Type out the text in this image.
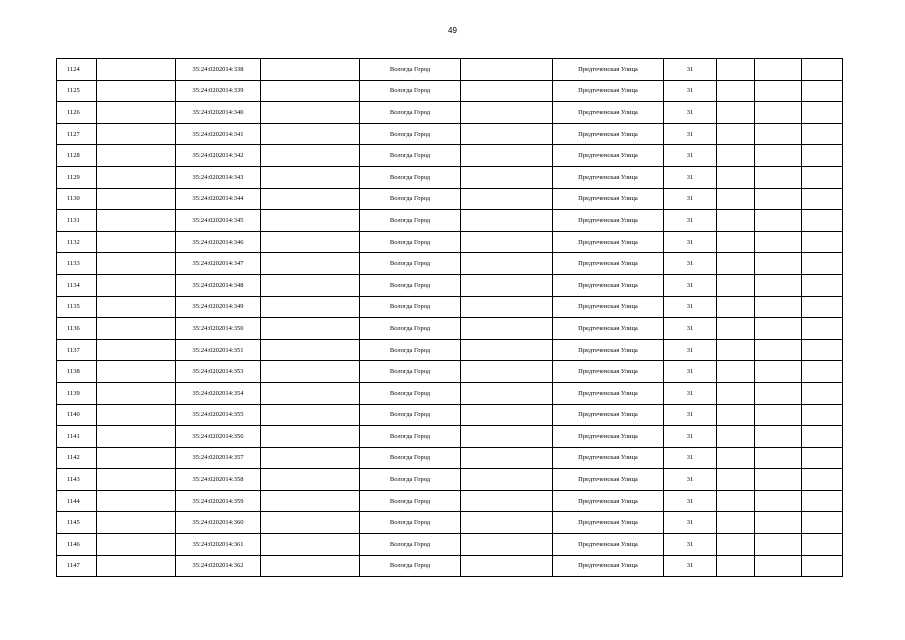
49
1124		35:24:0202014:338		Вологда Город		Предтеченская Улица	31			
1125		35:24:0202014:339		Вологда Город		Предтеченская Улица	31			
1126		35:24:0202014:340		Вологда Город		Предтеченская Улица	31			
1127		35:24:0202014:341		Вологда Город		Предтеченская Улица	31			
1128		35:24:0202014:342		Вологда Город		Предтеченская Улица	31			
1129		35:24:0202014:343		Вологда Город		Предтеченская Улица	31			
1130		35:24:0202014:344		Вологда Город		Предтеченская Улица	31			
1131		35:24:0202014:345		Вологда Город		Предтеченская Улица	31			
1132		35:24:0202014:346		Вологда Город		Предтеченская Улица	31			
1133		35:24:0202014:347		Вологда Город		Предтеченская Улица	31			
1134		35:24:0202014:348		Вологда Город		Предтеченская Улица	31			
1135		35:24:0202014:349		Вологда Город		Предтеченская Улица	31			
1136		35:24:0202014:350		Вологда Город		Предтеченская Улица	31			
1137		35:24:0202014:351		Вологда Город		Предтеченская Улица	31			
1138		35:24:0202014:353		Вологда Город		Предтеченская Улица	31			
1139		35:24:0202014:354		Вологда Город		Предтеченская Улица	31			
1140		35:24:0202014:355		Вологда Город		Предтеченская Улица	31			
1141		35:24:0202014:356		Вологда Город		Предтеченская Улица	31			
1142		35:24:0202014:357		Вологда Город		Предтеченская Улица	31			
1143		35:24:0202014:358		Вологда Город		Предтеченская Улица	31			
1144		35:24:0202014:359		Вологда Город		Предтеченская Улица	31			
1145		35:24:0202014:360		Вологда Город		Предтеченская Улица	31			
1146		35:24:0202014:361		Вологда Город		Предтеченская Улица	31			
1147		35:24:0202014:362		Вологда Город		Предтеченская Улица	31			
